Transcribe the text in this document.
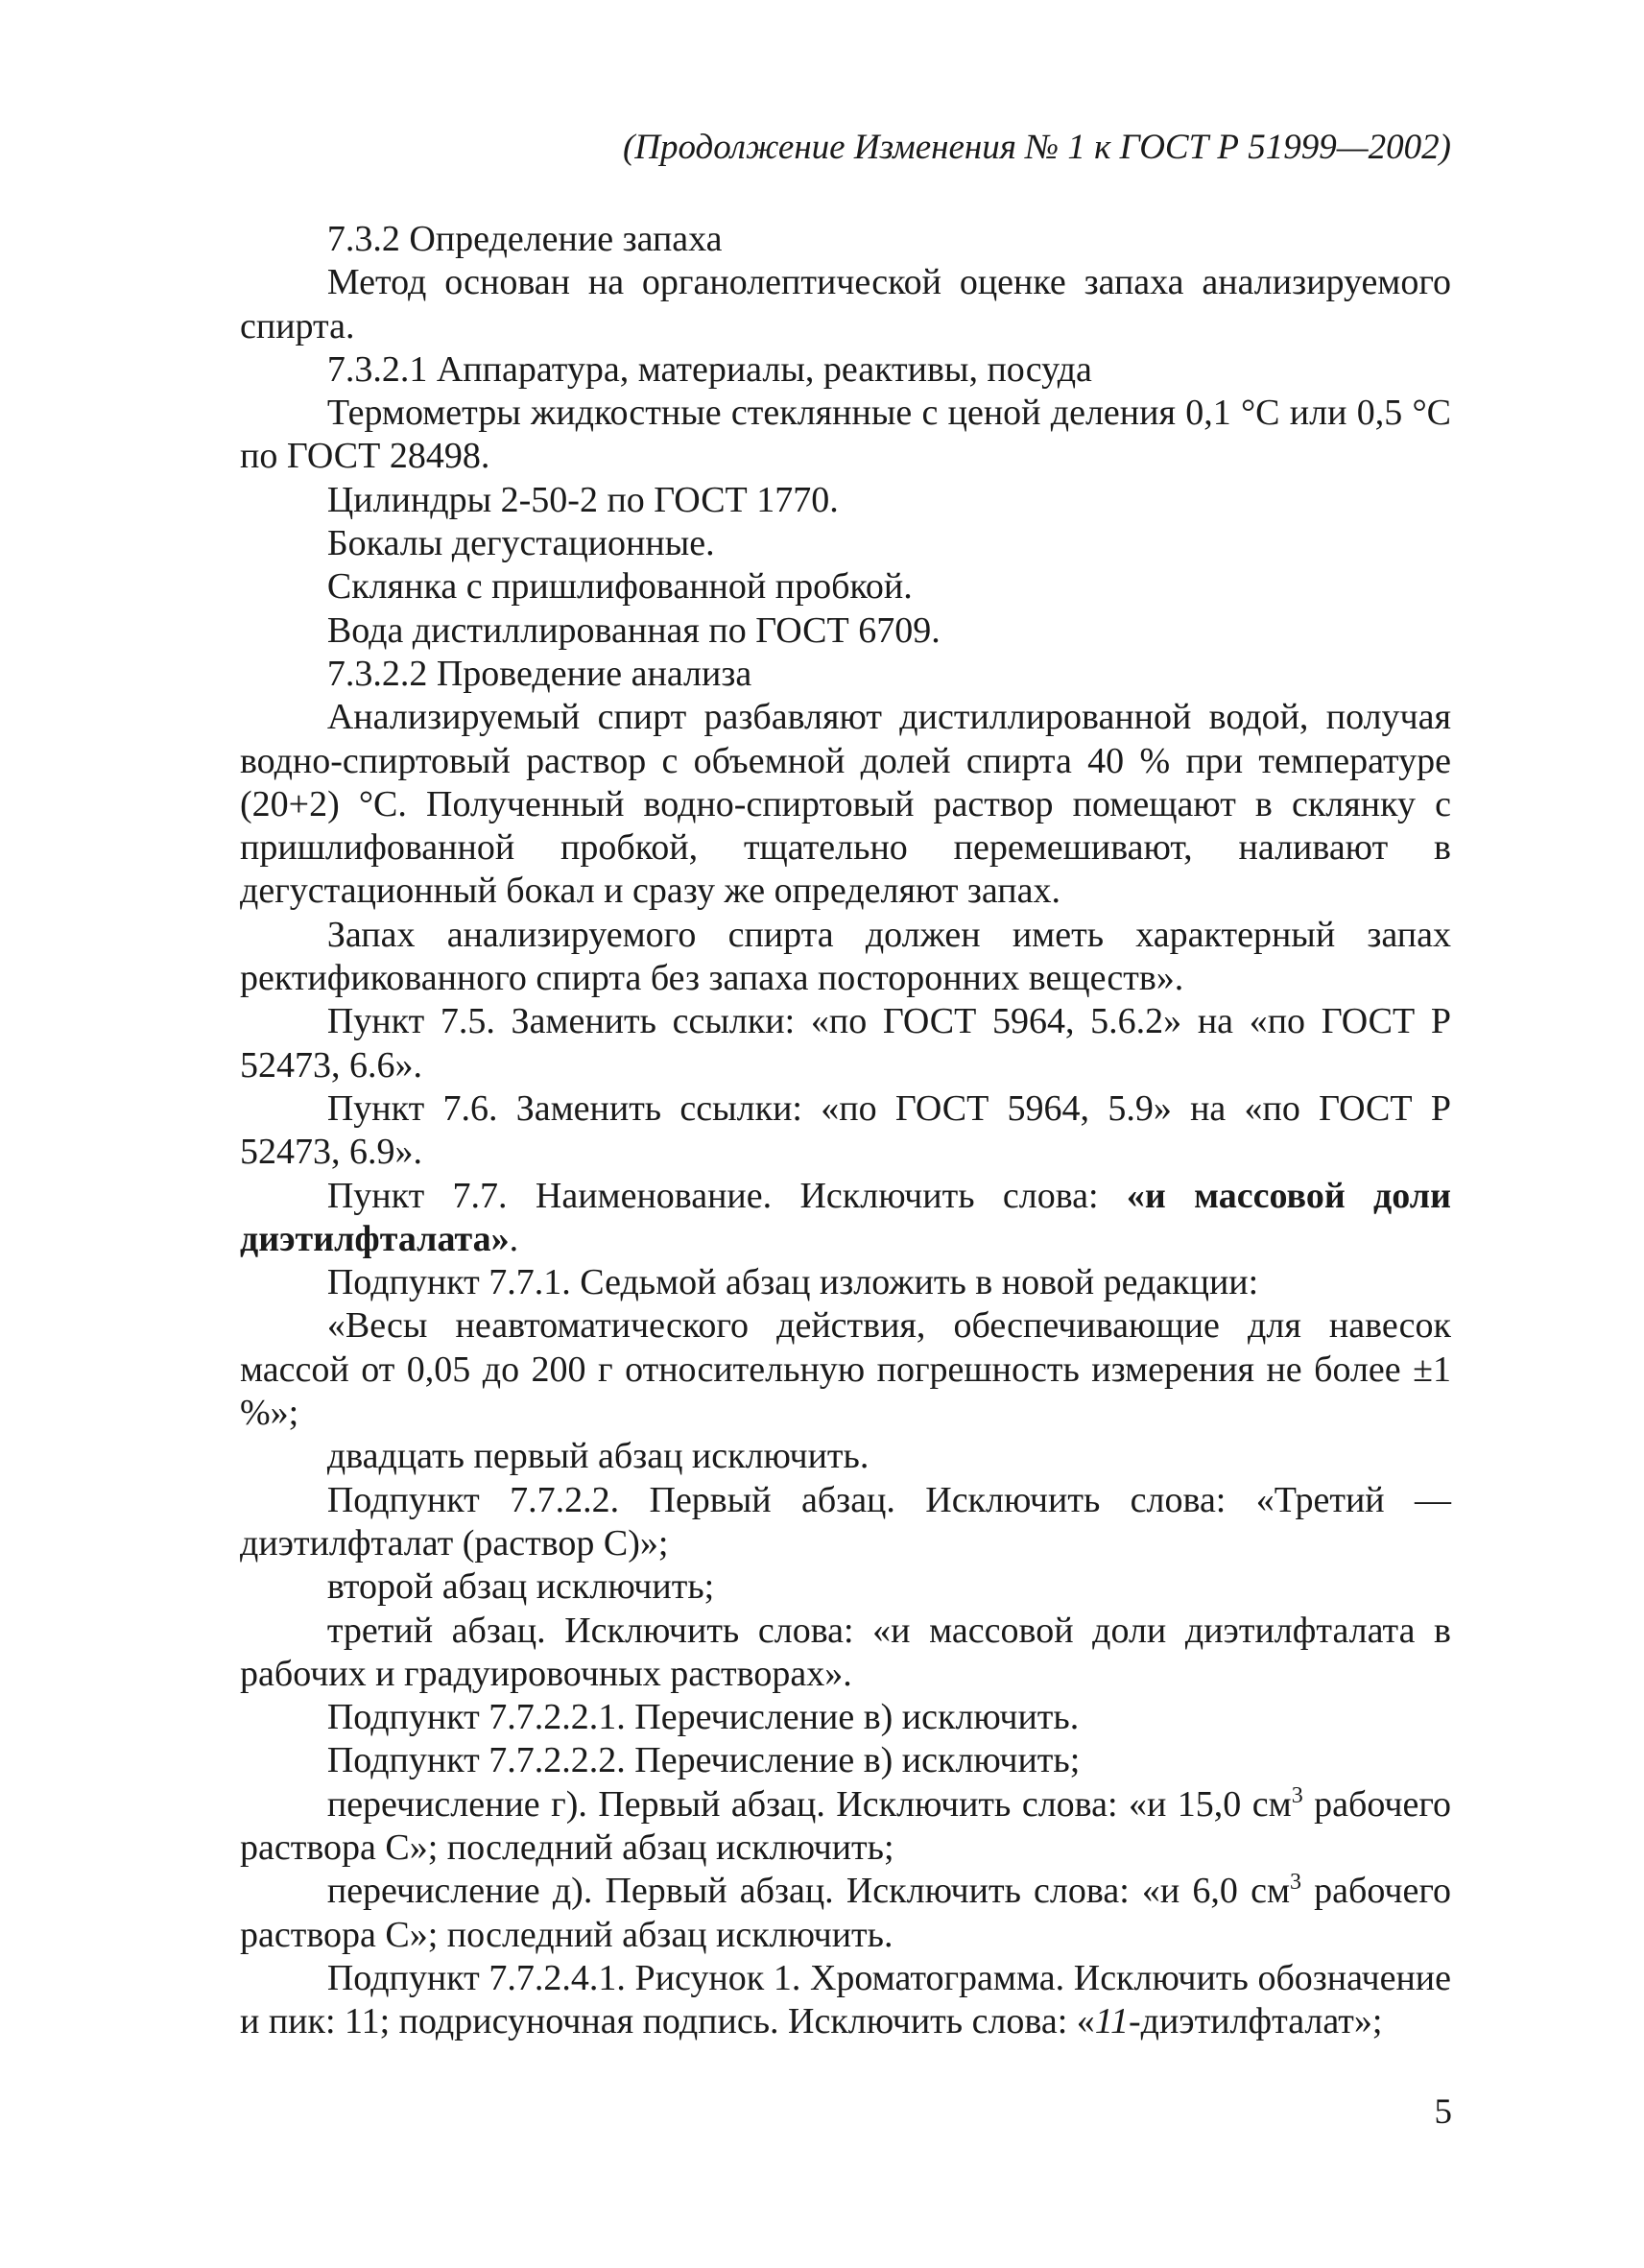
(Продолжение Изменения № 1 к ГОСТ Р 51999—2002)

7.3.2 Определение запаха

Метод основан на органолептической оценке запаха анализируемого спирта.

7.3.2.1 Аппаратура, материалы, реактивы, посуда

Термометры жидкостные стеклянные с ценой деления 0,1 °С или 0,5 °С по ГОСТ 28498.

Цилиндры 2-50-2 по ГОСТ 1770.

Бокалы дегустационные.

Склянка с пришлифованной пробкой.

Вода дистиллированная по ГОСТ 6709.

7.3.2.2 Проведение анализа

Анализируемый спирт разбавляют дистиллированной водой, получая водно-спиртовый раствор с объемной долей спирта 40 % при температуре (20+2) °С. Полученный водно-спиртовый раствор помещают в склянку с пришлифованной пробкой, тщательно перемешивают, наливают в дегустационный бокал и сразу же определяют запах.

Запах анализируемого спирта должен иметь характерный запах ректификованного спирта без запаха посторонних веществ».

Пункт 7.5. Заменить ссылки: «по ГОСТ 5964, 5.6.2» на «по ГОСТ Р 52473, 6.6».

Пункт 7.6. Заменить ссылки: «по ГОСТ 5964, 5.9» на «по ГОСТ Р 52473, 6.9».

Пункт 7.7. Наименование. Исключить слова: «и массовой доли диэтилфталата».

Подпункт 7.7.1. Седьмой абзац изложить в новой редакции:

«Весы неавтоматического действия, обеспечивающие для навесок массой от 0,05 до 200 г относительную погрешность измерения не более ±1 %»;

двадцать первый абзац исключить.

Подпункт 7.7.2.2. Первый абзац. Исключить слова: «Третий — диэтилфталат (раствор С)»;

второй абзац исключить;

третий абзац. Исключить слова: «и массовой доли диэтилфталата в рабочих и градуировочных растворах».

Подпункт 7.7.2.2.1. Перечисление в) исключить.

Подпункт 7.7.2.2.2. Перечисление в) исключить;

перечисление г). Первый абзац. Исключить слова: «и 15,0 $см^3$ рабочего раствора С»; последний абзац исключить;

перечисление д). Первый абзац. Исключить слова: «и 6,0 $см^3$ рабочего раствора С»; последний абзац исключить.

Подпункт 7.7.2.4.1. Рисунок 1. Хроматограмма. Исключить обозначение и пик: 11; подрисуночная подпись. Исключить слова: «11-диэтилфталат»;

5
